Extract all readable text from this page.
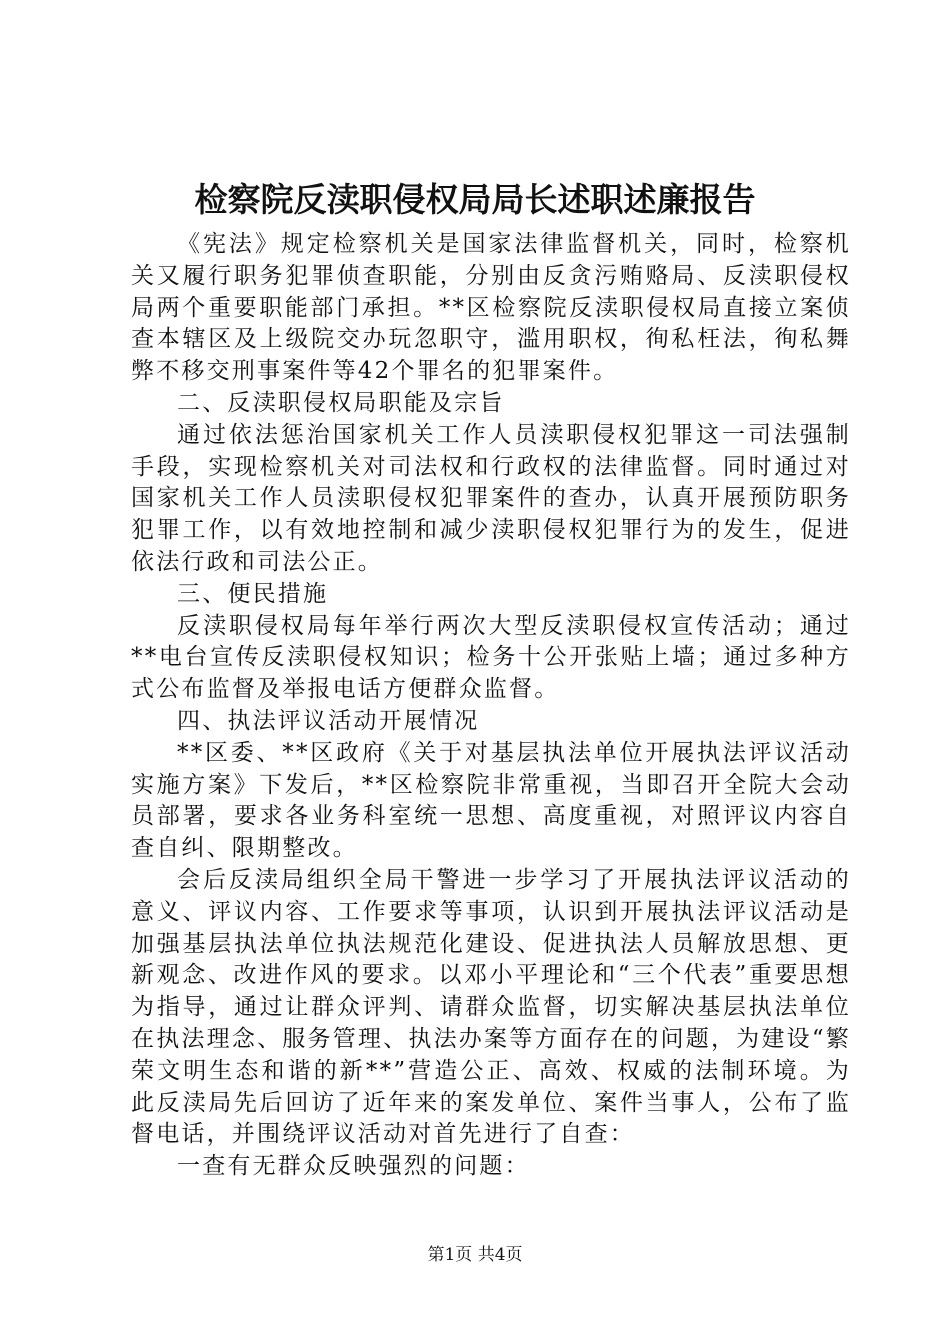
检察院反渎职侵权局局长述职述廉报告

《宪法》规定检察机关是国家法律监督机关，同时，检察机关又履行职务犯罪侦查职能，分别由反贪污贿赂局、反渎职侵权局两个重要职能部门承担。**区检察院反渎职侵权局直接立案侦查本辖区及上级院交办玩忽职守，滥用职权，徇私枉法，徇私舞弊不移交刑事案件等42个罪名的犯罪案件。

二、反渎职侵权局职能及宗旨

通过依法惩治国家机关工作人员渎职侵权犯罪这一司法强制手段，实现检察机关对司法权和行政权的法律监督。同时通过对国家机关工作人员渎职侵权犯罪案件的查办，认真开展预防职务犯罪工作，以有效地控制和减少渎职侵权犯罪行为的发生，促进依法行政和司法公正。

三、便民措施

反渎职侵权局每年举行两次大型反渎职侵权宣传活动；通过**电台宣传反渎职侵权知识；检务十公开张贴上墙；通过多种方式公布监督及举报电话方便群众监督。

四、执法评议活动开展情况

**区委、**区政府《关于对基层执法单位开展执法评议活动实施方案》下发后，**区检察院非常重视，当即召开全院大会动员部署，要求各业务科室统一思想、高度重视，对照评议内容自查自纠、限期整改。

会后反渎局组织全局干警进一步学习了开展执法评议活动的意义、评议内容、工作要求等事项，认识到开展执法评议活动是加强基层执法单位执法规范化建设、促进执法人员解放思想、更新观念、改进作风的要求。以邓小平理论和“三个代表”重要思想为指导，通过让群众评判、请群众监督，切实解决基层执法单位在执法理念、服务管理、执法办案等方面存在的问题，为建设“繁荣文明生态和谐的新**”营造公正、高效、权威的法制环境。为此反渎局先后回访了近年来的案发单位、案件当事人，公布了监督电话，并围绕评议活动对首先进行了自查：

一查有无群众反映强烈的问题：

第1页 共4页
